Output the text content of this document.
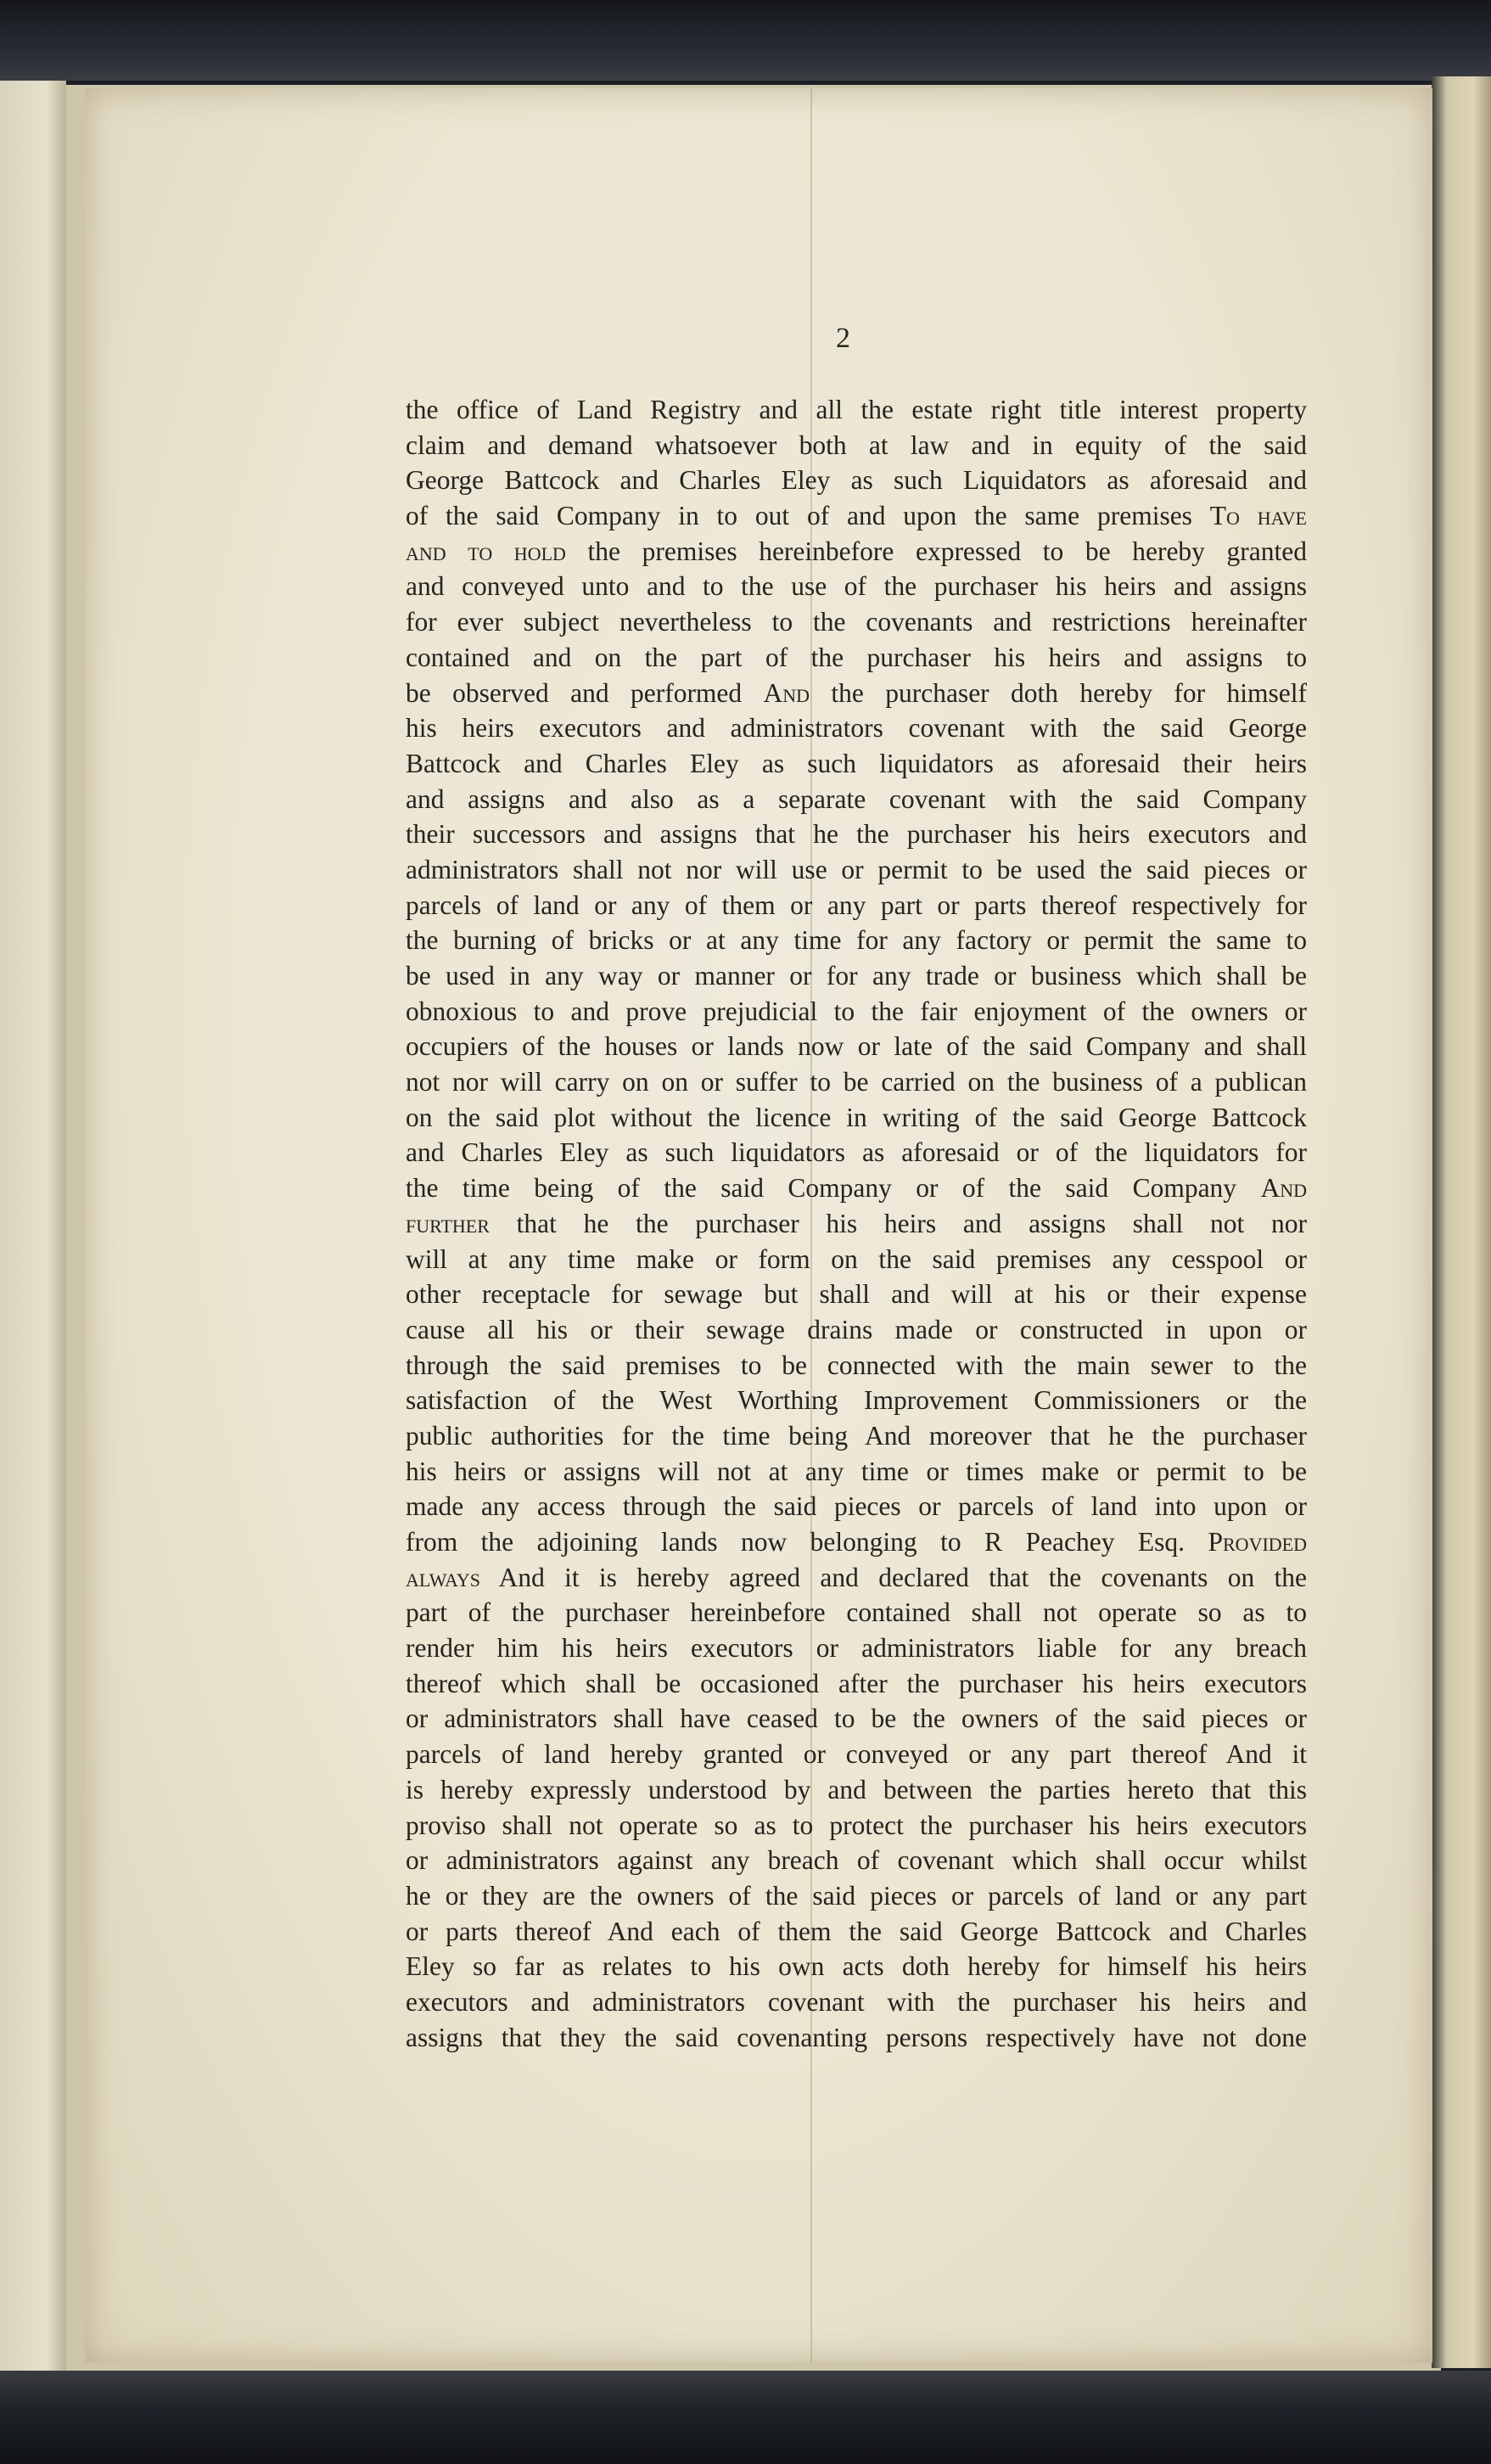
2
the office of Land Registry and all the estate right title interest property
claim and demand whatsoever both at law and in equity of the said
George Battcock and Charles Eley as such Liquidators as aforesaid and
of the said Company in to out of and upon the same premises To have
and to hold the premises hereinbefore expressed to be hereby granted
and conveyed unto and to the use of the purchaser his heirs and assigns
for ever subject nevertheless to the covenants and restrictions hereinafter
contained and on the part of the purchaser his heirs and assigns to
be observed and performed And the purchaser doth hereby for himself
his heirs executors and administrators covenant with the said George
Battcock and Charles Eley as such liquidators as aforesaid their heirs
and assigns and also as a separate covenant with the said Company
their successors and assigns that he the purchaser his heirs executors and
administrators shall not nor will use or permit to be used the said pieces or
parcels of land or any of them or any part or parts thereof respectively for
the burning of bricks or at any time for any factory or permit the same to
be used in any way or manner or for any trade or business which shall be
obnoxious to and prove prejudicial to the fair enjoyment of the owners or
occupiers of the houses or lands now or late of the said Company and shall
not nor will carry on on or suffer to be carried on the business of a publican
on the said plot without the licence in writing of the said George Battcock
and Charles Eley as such liquidators as aforesaid or of the liquidators for
the time being of the said Company or of the said Company And
further that he the purchaser his heirs and assigns shall not nor
will at any time make or form on the said premises any cesspool or
other receptacle for sewage but shall and will at his or their expense
cause all his or their sewage drains made or constructed in upon or
through the said premises to be connected with the main sewer to the
satisfaction of the West Worthing Improvement Commissioners or the
public authorities for the time being And moreover that he the purchaser
his heirs or assigns will not at any time or times make or permit to be
made any access through the said pieces or parcels of land into upon or
from the adjoining lands now belonging to R Peachey Esq. Provided
always And it is hereby agreed and declared that the covenants on the
part of the purchaser hereinbefore contained shall not operate so as to
render him his heirs executors or administrators liable for any breach
thereof which shall be occasioned after the purchaser his heirs executors
or administrators shall have ceased to be the owners of the said pieces or
parcels of land hereby granted or conveyed or any part thereof And it
is hereby expressly understood by and between the parties hereto that this
proviso shall not operate so as to protect the purchaser his heirs executors
or administrators against any breach of covenant which shall occur whilst
he or they are the owners of the said pieces or parcels of land or any part
or parts thereof And each of them the said George Battcock and Charles
Eley so far as relates to his own acts doth hereby for himself his heirs
executors and administrators covenant with the purchaser his heirs and
assigns that they the said covenanting persons respectively have not done
